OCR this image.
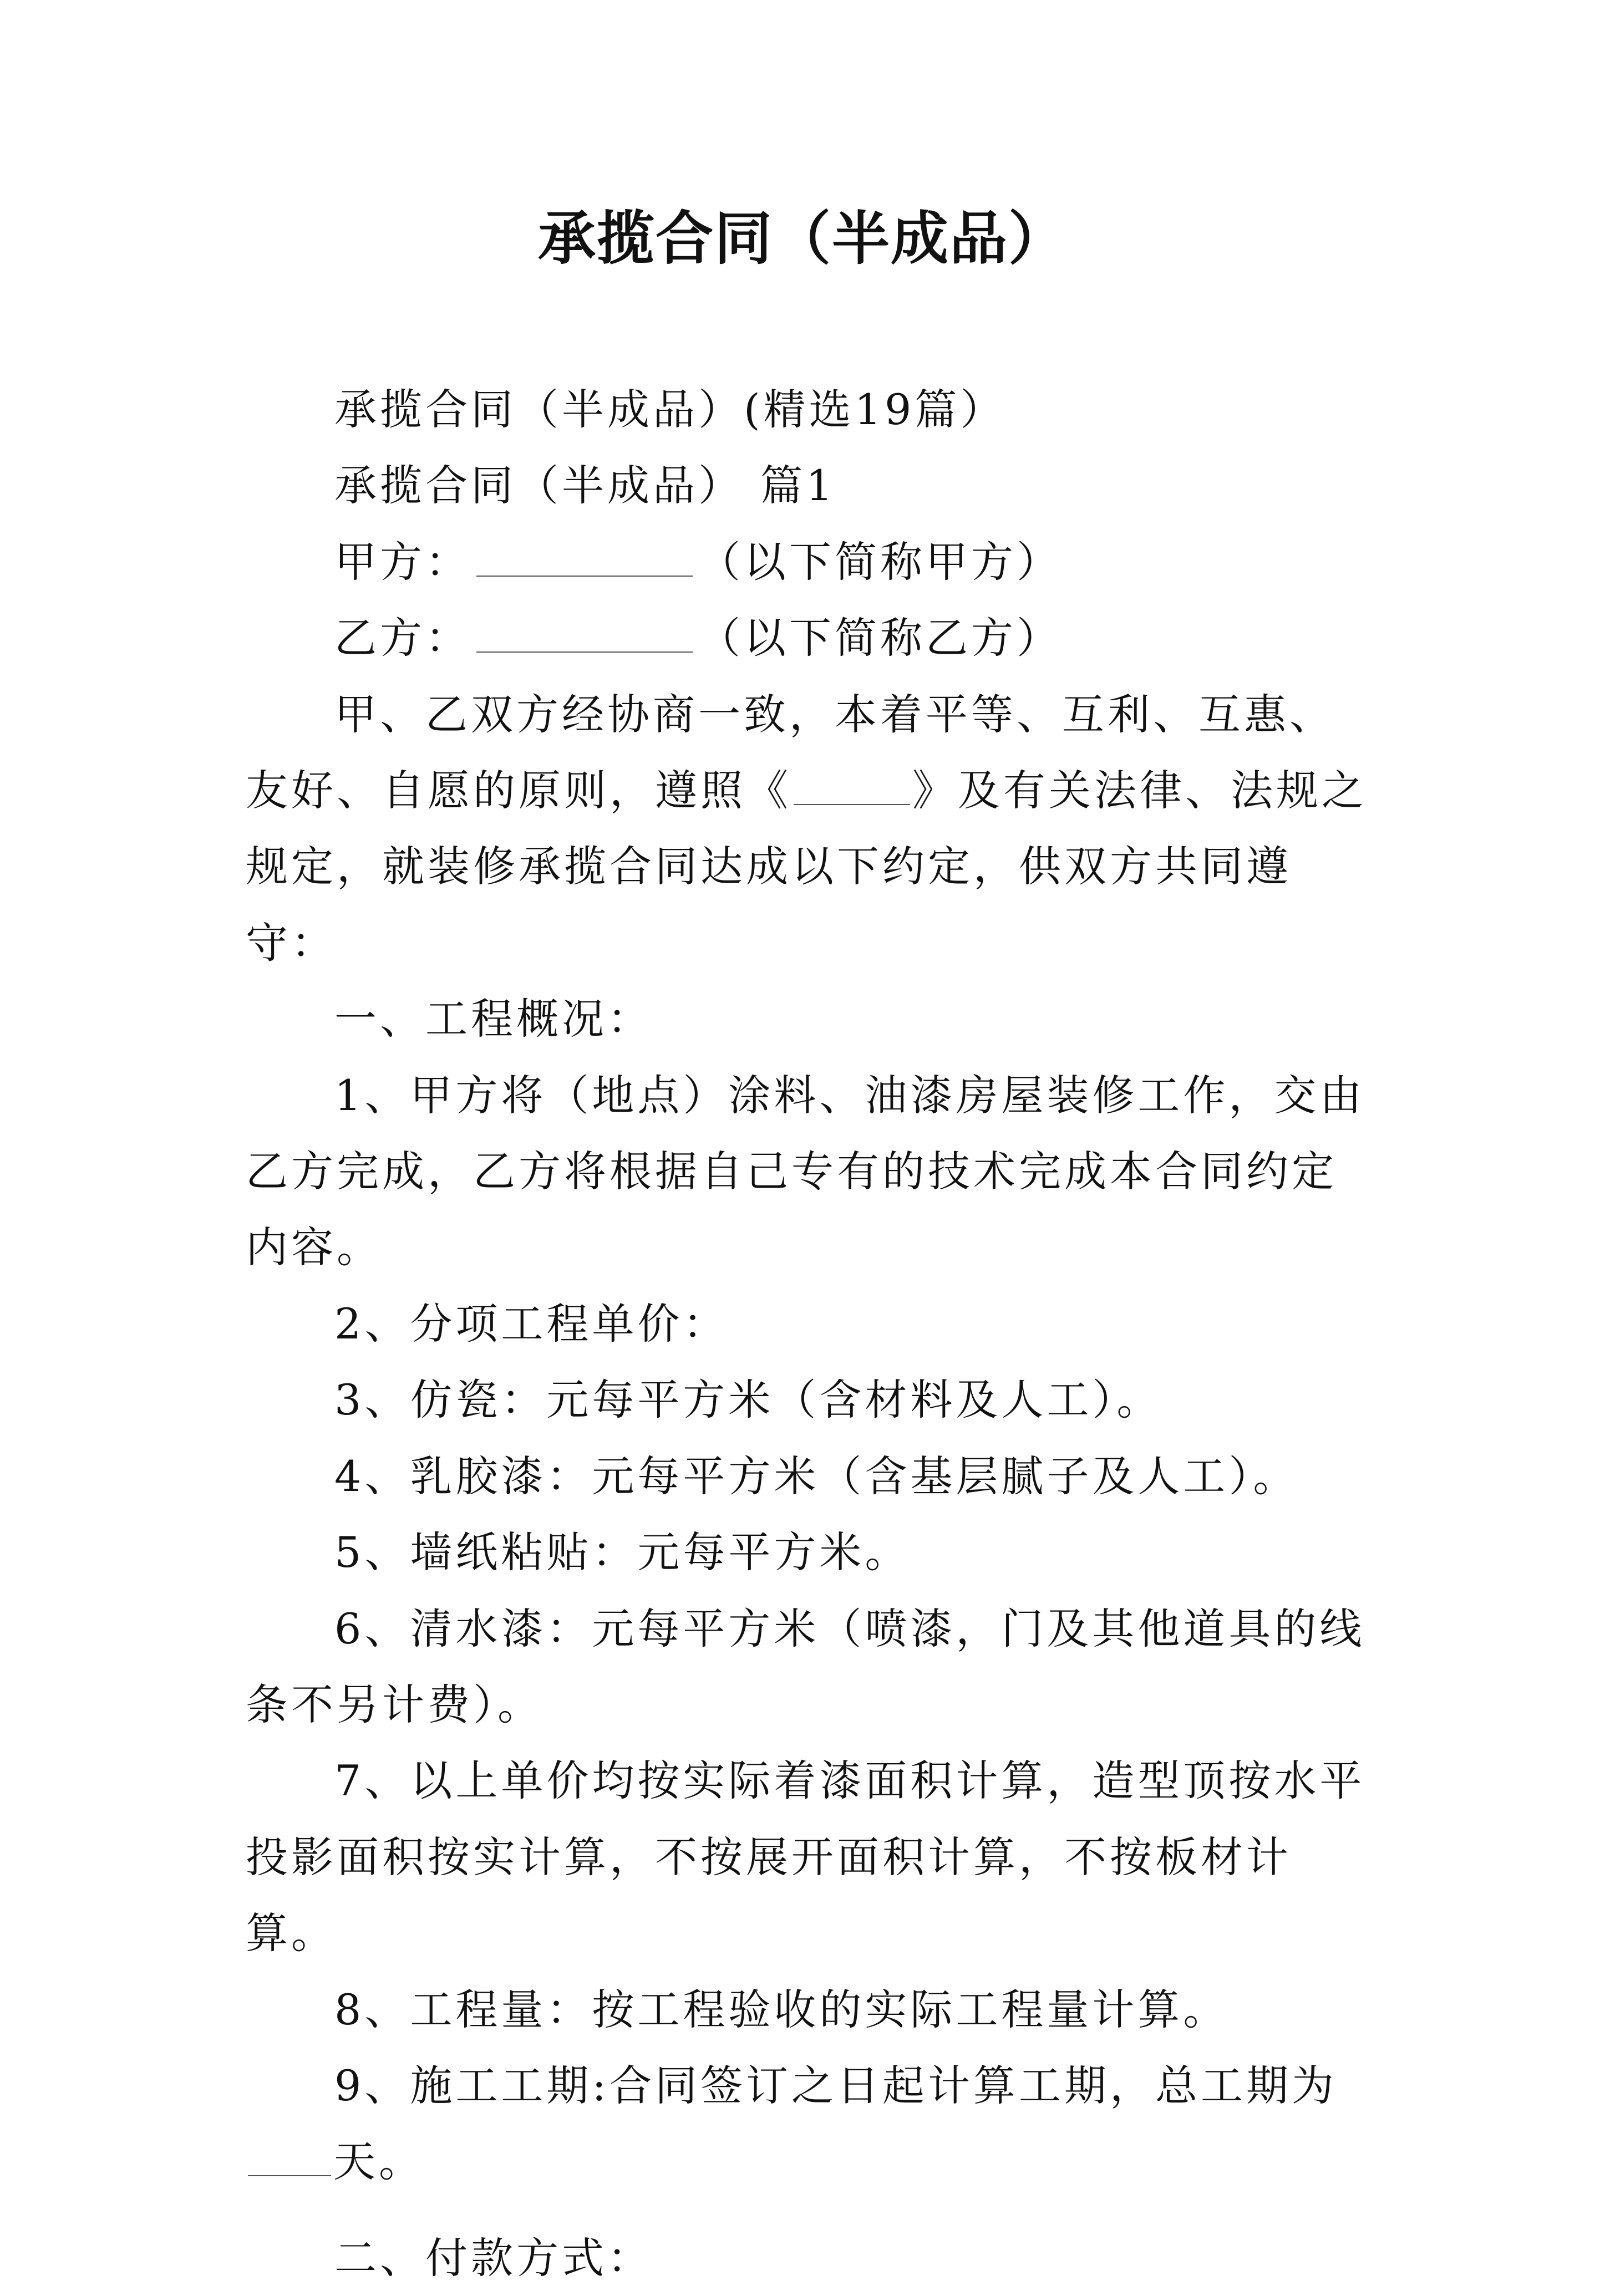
承揽合同（半成品）

承揽合同（半成品）(精选19篇）

承揽合同（半成品） 篇1

甲方：	（以下简称甲方）

乙方：	（以下简称乙方）

甲、乙双方经协商一致，本着平等、互利、互惠、友好、自愿的原则，遵照《	》及有关法律、法规之规定，就装修承揽合同达成以下约定，供双方共同遵守：

一、工程概况：

1、甲方将（地点）涂料、油漆房屋装修工作，交由乙方完成，乙方将根据自己专有的技术完成本合同约定内容。

2、分项工程单价：

3、仿瓷：元每平方米（含材料及人工）。

4、乳胶漆：元每平方米（含基层腻子及人工）。

5、墙纸粘贴：元每平方米。

6、清水漆：元每平方米（喷漆，门及其他道具的线条不另计费）。

7、以上单价均按实际着漆面积计算，造型顶按水平投影面积按实计算，不按展开面积计算，不按板材计算。

8、工程量：按工程验收的实际工程量计算。

9、施工工期:合同签订之日起计算工期，总工期为天。

二、付款方式：
